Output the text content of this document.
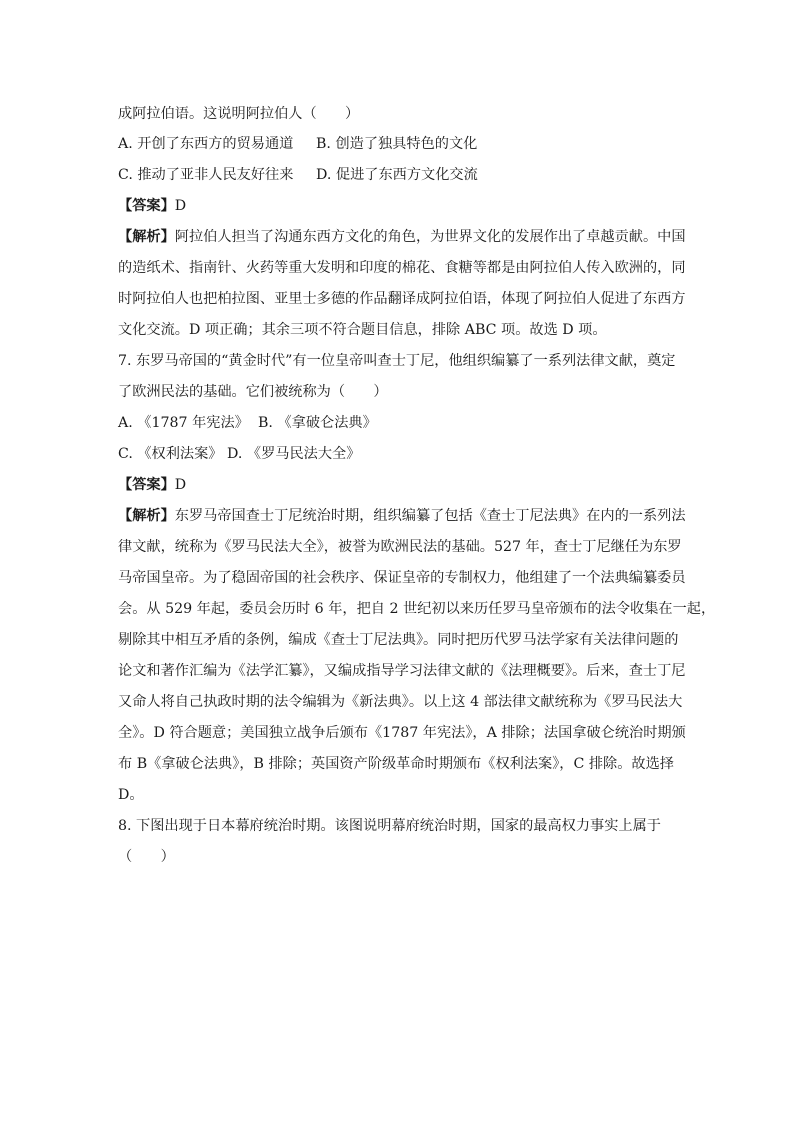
成阿拉伯语。这说明阿拉伯人（　　）
A. 开创了东西方的贸易通道 B. 创造了独具特色的文化
C. 推动了亚非人民友好往来 D. 促进了东西方文化交流
【答案】D
【解析】阿拉伯人担当了沟通东西方文化的角色，为世界文化的发展作出了卓越贡献。中国
的造纸术、指南针、火药等重大发明和印度的棉花、食糖等都是由阿拉伯人传入欧洲的，同
时阿拉伯人也把柏拉图、亚里士多德的作品翻译成阿拉伯语，体现了阿拉伯人促进了东西方
文化交流。D 项正确；其余三项不符合题目信息，排除 ABC 项。故选 D 项。
7. 东罗马帝国的“黄金时代”有一位皇帝叫查士丁尼，他组织编纂了一系列法律文献，奠定
了欧洲民法的基础。它们被统称为（　　）
A. 《1787 年宪法》 B. 《拿破仑法典》
C. 《权利法案》 D. 《罗马民法大全》
【答案】D
【解析】东罗马帝国查士丁尼统治时期，组织编纂了包括《查士丁尼法典》在内的一系列法
律文献，统称为《罗马民法大全》，被誉为欧洲民法的基础。527 年，查士丁尼继任为东罗
马帝国皇帝。为了稳固帝国的社会秩序、保证皇帝的专制权力，他组建了一个法典编纂委员
会。从 529 年起，委员会历时 6 年，把自 2 世纪初以来历任罗马皇帝颁布的法令收集在一起，
剔除其中相互矛盾的条例，编成《查士丁尼法典》。同时把历代罗马法学家有关法律问题的
论文和著作汇编为《法学汇纂》，又编成指导学习法律文献的《法理概要》。后来，查士丁尼
又命人将自己执政时期的法令编辑为《新法典》。以上这 4 部法律文献统称为《罗马民法大
全》。D 符合题意；美国独立战争后颁布《1787 年宪法》，A 排除；法国拿破仑统治时期颁
布 B《拿破仑法典》，B 排除；英国资产阶级革命时期颁布《权利法案》，C 排除。故选择
D。
8. 下图出现于日本幕府统治时期。该图说明幕府统治时期，国家的最高权力事实上属于
（　　）
